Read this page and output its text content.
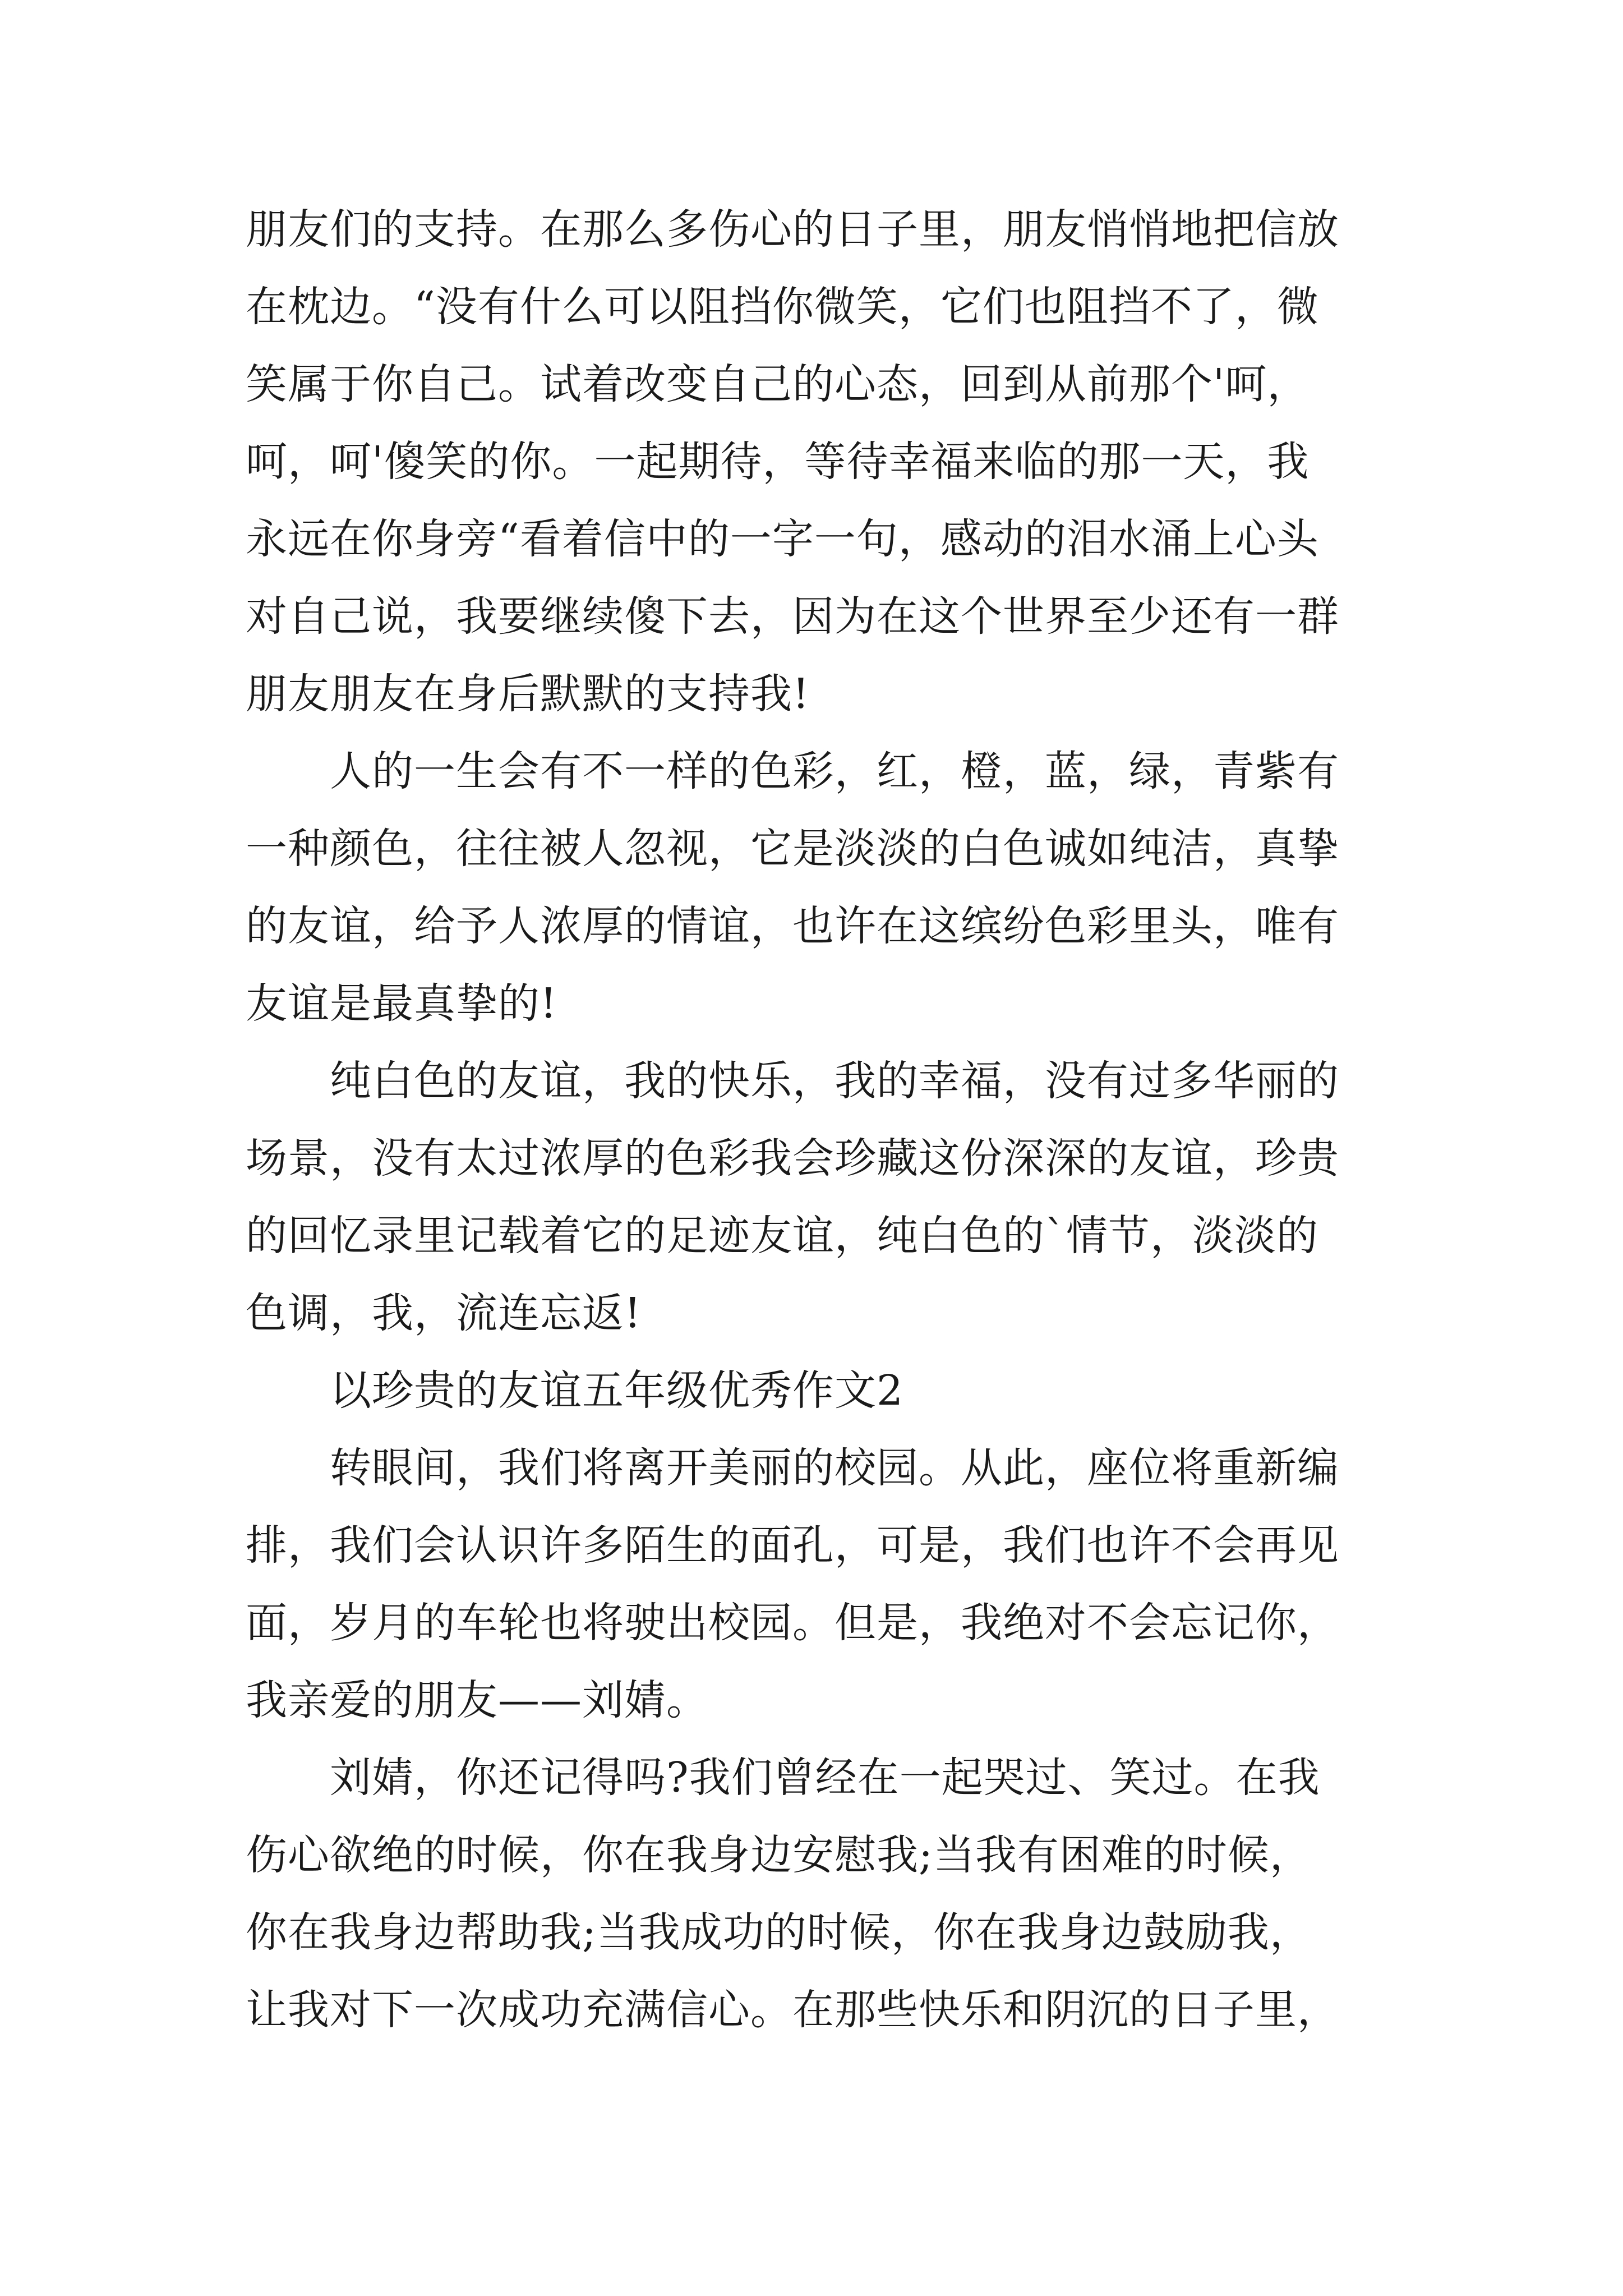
朋友们的支持。在那么多伤心的日子里，朋友悄悄地把信放
在枕边。“没有什么可以阻挡你微笑，它们也阻挡不了，微
笑属于你自己。试着改变自己的心态，回到从前那个'呵，
呵，呵'傻笑的你。一起期待，等待幸福来临的那一天，我
永远在你身旁“看着信中的一字一句，感动的泪水涌上心头
对自己说，我要继续傻下去，因为在这个世界至少还有一群
朋友朋友在身后默默的支持我!
人的一生会有不一样的色彩，红，橙，蓝，绿，青紫有
一种颜色，往往被人忽视，它是淡淡的白色诚如纯洁，真挚
的友谊，给予人浓厚的情谊，也许在这缤纷色彩里头，唯有
友谊是最真挚的!
纯白色的友谊，我的快乐，我的幸福，没有过多华丽的
场景，没有太过浓厚的色彩我会珍藏这份深深的友谊，珍贵
的回忆录里记载着它的足迹友谊，纯白色的`情节，淡淡的
色调，我，流连忘返!
以珍贵的友谊五年级优秀作文2
转眼间，我们将离开美丽的校园。从此，座位将重新编
排，我们会认识许多陌生的面孔，可是，我们也许不会再见
面，岁月的车轮也将驶出校园。但是，我绝对不会忘记你，
我亲爱的朋友——刘婧。
刘婧，你还记得吗?我们曾经在一起哭过、笑过。在我
伤心欲绝的时候，你在我身边安慰我;当我有困难的时候，
你在我身边帮助我;当我成功的时候，你在我身边鼓励我，
让我对下一次成功充满信心。在那些快乐和阴沉的日子里，
